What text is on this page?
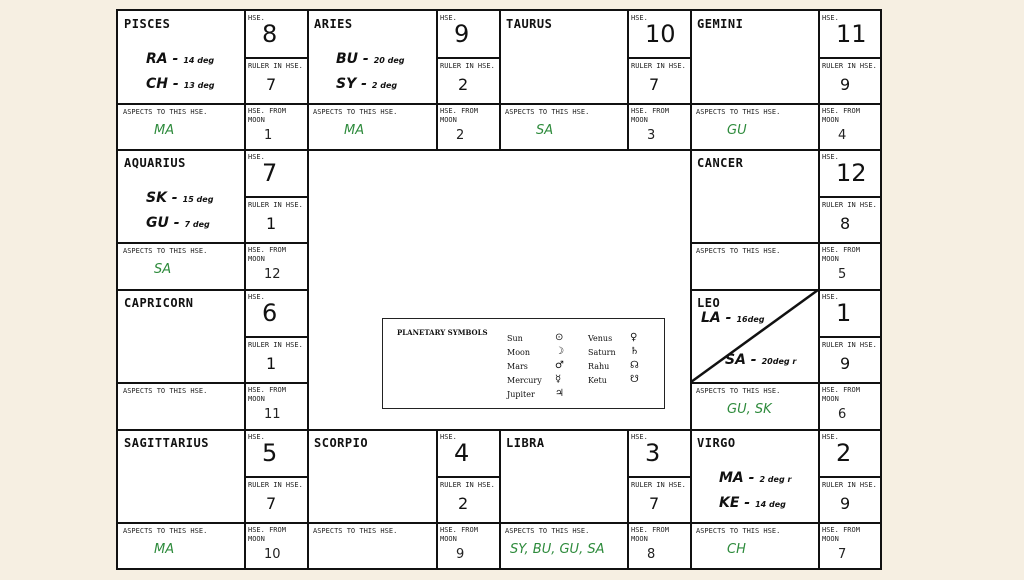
PLANETARY SYMBOLS
Sun	⊙
Moon	☽
Mars	♂
Mercury ☿
Jupiter ♃
Venus ♀
Saturn ♄
Rahu ☊
Ketu ☋
PISCES
RA - 14 deg
CH - 13 deg
HSE.
8
RULER IN HSE.
7
ASPECTS TO THIS HSE.
MA
HSE. FROM
MOON
1
ARIES
BU - 20 deg
SY - 2 deg
HSE.
9
RULER IN HSE.
2
ASPECTS TO THIS HSE.
MA
HSE. FROM
MOON
2
TAURUS	HSE.
10
RULER IN HSE.
7
ASPECTS TO THIS HSE.
SA
HSE. FROM
MOON
3
GEMINI	HSE.
11
RULER IN HSE.
9
ASPECTS TO THIS HSE.
GU
HSE. FROM
MOON
4
AQUARIUS
SK - 15 deg
GU - 7 deg
HSE.
7
RULER IN HSE.
1
ASPECTS TO THIS HSE.
SA
HSE. FROM
MOON
12
CANCER	HSE.
12
RULER IN HSE.
8
ASPECTS TO THIS HSE.	HSE. FROM
MOON
5
CAPRICORN	HSE.
6
RULER IN HSE.
1
ASPECTS TO THIS HSE.	HSE. FROM
MOON
11
LEO
LA - 16deg
SA - 20deg r
HSE.
1
RULER IN HSE.
9
ASPECTS TO THIS HSE.
GU, SK
HSE. FROM
MOON
6
SAGITTARIUS	HSE.
5
RULER IN HSE.
7
ASPECTS TO THIS HSE.
MA
HSE. FROM
MOON
10
SCORPIO	HSE.
4
RULER IN HSE.
2
ASPECTS TO THIS HSE.	HSE. FROM
MOON
9
LIBRA	HSE.
3
RULER IN HSE.
7
ASPECTS TO THIS HSE.
SY, BU, GU, SA
HSE. FROM
MOON
8
VIRGO
MA - 2 deg r
KE - 14 deg
HSE.
2
RULER IN HSE.
9
ASPECTS TO THIS HSE.
CH
HSE. FROM
MOON
7
